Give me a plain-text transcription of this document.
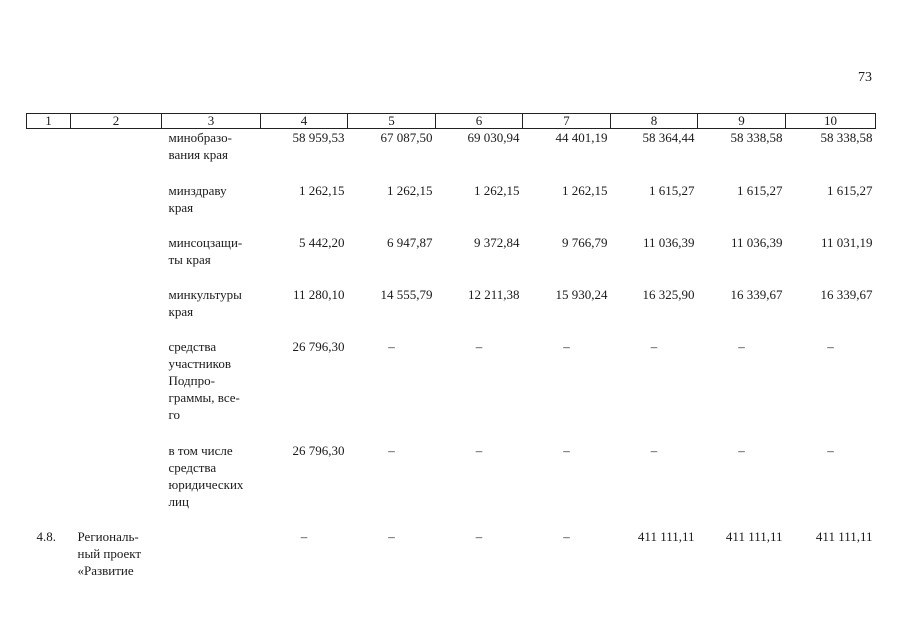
73
1	2	3	4	5	6	7	8	9	10
		минобразо-
вания края	58 959,53	67 087,50	69 030,94	44 401,19	58 364,44	58 338,58	58 338,58
		минздраву
края	1 262,15	1 262,15	1 262,15	1 262,15	1 615,27	1 615,27	1 615,27
		минсоцзащи-
ты края	5 442,20	6 947,87	9 372,84	9 766,79	11 036,39	11 036,39	11 031,19
		минкультуры
края	11 280,10	14 555,79	12 211,38	15 930,24	16 325,90	16 339,67	16 339,67
		средства
участников
Подпро-
граммы, все-
го	26 796,30	–	–	–	–	–	–
		в том числе
средства
юридических
лиц	26 796,30	–	–	–	–	–	–
4.8.	Региональ-
ный проект
«Развитие		–	–	–	–	411 111,11	411 111,11	411 111,11
